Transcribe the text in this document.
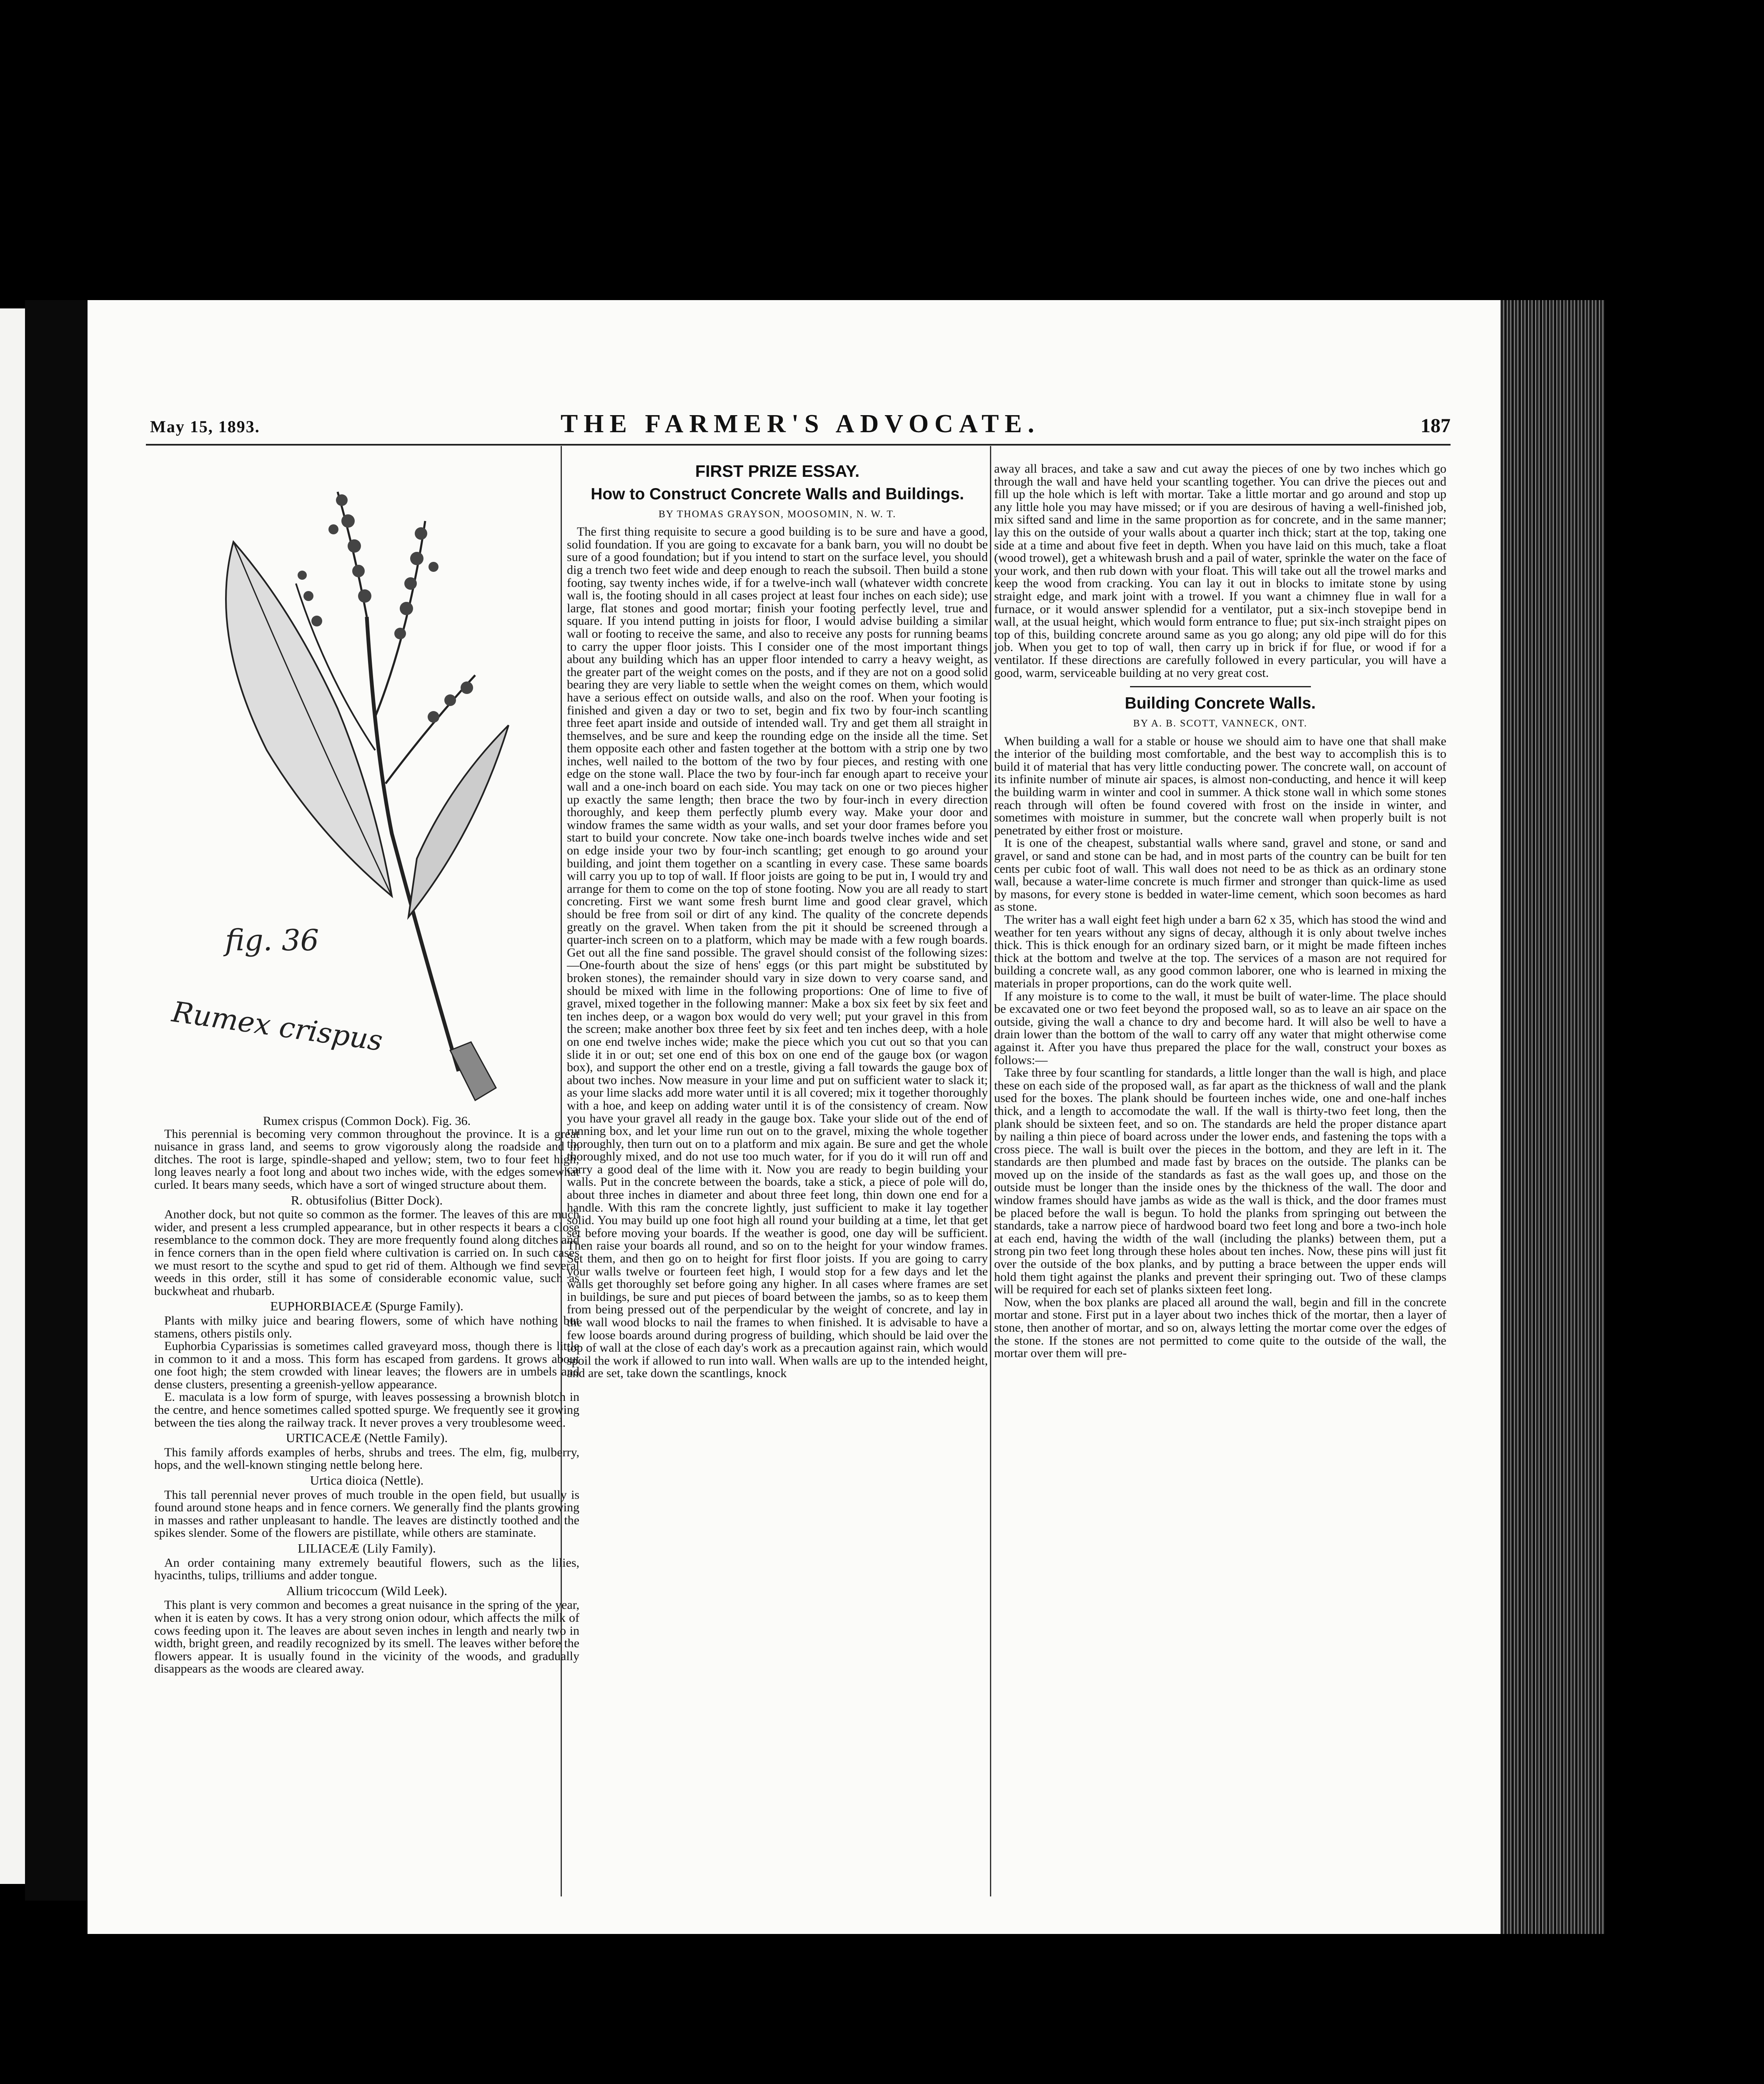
May 15, 1893.	THE FARMER'S ADVOCATE.	187
fig. 36
Rumex crispus

Rumex crispus (Common Dock). Fig. 36.

This perennial is becoming very common throughout the province. It is a great nuisance in grass land, and seems to grow vigorously along the roadside and in ditches. The root is large, spindle-shaped and yellow; stem, two to four feet high; long leaves nearly a foot long and about two inches wide, with the edges somewhat curled. It bears many seeds, which have a sort of winged structure about them.

R. obtusifolius (Bitter Dock).

Another dock, but not quite so common as the former. The leaves of this are much wider, and present a less crumpled appearance, but in other respects it bears a close resemblance to the common dock. They are more frequently found along ditches and in fence corners than in the open field where cultivation is carried on. In such cases we must resort to the scythe and spud to get rid of them. Although we find several weeds in this order, still it has some of considerable economic value, such as buckwheat and rhubarb.

EUPHORBIACEÆ (Spurge Family).

Plants with milky juice and bearing flowers, some of which have nothing but stamens, others pistils only.

Euphorbia Cyparissias is sometimes called graveyard moss, though there is little in common to it and a moss. This form has escaped from gardens. It grows about one foot high; the stem crowded with linear leaves; the flowers are in umbels and dense clusters, presenting a greenish-yellow appearance.

E. maculata is a low form of spurge, with leaves possessing a brownish blotch in the centre, and hence sometimes called spotted spurge. We frequently see it growing between the ties along the railway track. It never proves a very troublesome weed.

URTICACEÆ (Nettle Family).

This family affords examples of herbs, shrubs and trees. The elm, fig, mulberry, hops, and the well-known stinging nettle belong here.

Urtica dioica (Nettle).

This tall perennial never proves of much trouble in the open field, but usually is found around stone heaps and in fence corners. We generally find the plants growing in masses and rather unpleasant to handle. The leaves are distinctly toothed and the spikes slender. Some of the flowers are pistillate, while others are staminate.

LILIACEÆ (Lily Family).

An order containing many extremely beautiful flowers, such as the lilies, hyacinths, tulips, trilliums and adder tongue.

Allium tricoccum (Wild Leek).

This plant is very common and becomes a great nuisance in the spring of the year, when it is eaten by cows. It has a very strong onion odour, which affects the milk of cows feeding upon it. The leaves are about seven inches in length and nearly two in width, bright green, and readily recognized by its smell. The leaves wither before the flowers appear. It is usually found in the vicinity of the woods, and gradually disappears as the woods are cleared away.

FIRST PRIZE ESSAY.
How to Construct Concrete Walls and Buildings.
BY THOMAS GRAYSON, MOOSOMIN, N. W. T.

The first thing requisite to secure a good building is to be sure and have a good, solid foundation. If you are going to excavate for a bank barn, you will no doubt be sure of a good foundation; but if you intend to start on the surface level, you should dig a trench two feet wide and deep enough to reach the subsoil. Then build a stone footing, say twenty inches wide, if for a twelve-inch wall (whatever width concrete wall is, the footing should in all cases project at least four inches on each side); use large, flat stones and good mortar; finish your footing perfectly level, true and square. If you intend putting in joists for floor, I would advise building a similar wall or footing to receive the same, and also to receive any posts for running beams to carry the upper floor joists. This I consider one of the most important things about any building which has an upper floor intended to carry a heavy weight, as the greater part of the weight comes on the posts, and if they are not on a good solid bearing they are very liable to settle when the weight comes on them, which would have a serious effect on outside walls, and also on the roof. When your footing is finished and given a day or two to set, begin and fix two by four-inch scantling three feet apart inside and outside of intended wall. Try and get them all straight in themselves, and be sure and keep the rounding edge on the inside all the time. Set them opposite each other and fasten together at the bottom with a strip one by two inches, well nailed to the bottom of the two by four pieces, and resting with one edge on the stone wall. Place the two by four-inch far enough apart to receive your wall and a one-inch board on each side. You may tack on one or two pieces higher up exactly the same length; then brace the two by four-inch in every direction thoroughly, and keep them perfectly plumb every way. Make your door and window frames the same width as your walls, and set your door frames before you start to build your concrete. Now take one-inch boards twelve inches wide and set on edge inside your two by four-inch scantling; get enough to go around your building, and joint them together on a scantling in every case. These same boards will carry you up to top of wall. If floor joists are going to be put in, I would try and arrange for them to come on the top of stone footing. Now you are all ready to start concreting. First we want some fresh burnt lime and good clear gravel, which should be free from soil or dirt of any kind. The quality of the concrete depends greatly on the gravel. When taken from the pit it should be screened through a quarter-inch screen on to a platform, which may be made with a few rough boards. Get out all the fine sand possible. The gravel should consist of the following sizes:—One-fourth about the size of hens' eggs (or this part might be substituted by broken stones), the remainder should vary in size down to very coarse sand, and should be mixed with lime in the following proportions: One of lime to five of gravel, mixed together in the following manner: Make a box six feet by six feet and ten inches deep, or a wagon box would do very well; put your gravel in this from the screen; make another box three feet by six feet and ten inches deep, with a hole on one end twelve inches wide; make the piece which you cut out so that you can slide it in or out; set one end of this box on one end of the gauge box (or wagon box), and support the other end on a trestle, giving a fall towards the gauge box of about two inches. Now measure in your lime and put on sufficient water to slack it; as your lime slacks add more water until it is all covered; mix it together thoroughly with a hoe, and keep on adding water until it is of the consistency of cream. Now you have your gravel all ready in the gauge box. Take your slide out of the end of running box, and let your lime run out on to the gravel, mixing the whole together thoroughly, then turn out on to a platform and mix again. Be sure and get the whole thoroughly mixed, and do not use too much water, for if you do it will run off and carry a good deal of the lime with it. Now you are ready to begin building your walls. Put in the concrete between the boards, take a stick, a piece of pole will do, about three inches in diameter and about three feet long, thin down one end for a handle. With this ram the concrete lightly, just sufficient to make it lay together solid. You may build up one foot high all round your building at a time, let that get set before moving your boards. If the weather is good, one day will be sufficient. Then raise your boards all round, and so on to the height for your window frames. Set them, and then go on to height for first floor joists. If you are going to carry your walls twelve or fourteen feet high, I would stop for a few days and let the walls get thoroughly set before going any higher. In all cases where frames are set in buildings, be sure and put pieces of board between the jambs, so as to keep them from being pressed out of the perpendicular by the weight of concrete, and lay in the wall wood blocks to nail the frames to when finished. It is advisable to have a few loose boards around during progress of building, which should be laid over the top of wall at the close of each day's work as a precaution against rain, which would spoil the work if allowed to run into wall. When walls are up to the intended height, and are set, take down the scantlings, knock

away all braces, and take a saw and cut away the pieces of one by two inches which go through the wall and have held your scantling together. You can drive the pieces out and fill up the hole which is left with mortar. Take a little mortar and go around and stop up any little hole you may have missed; or if you are desirous of having a well-finished job, mix sifted sand and lime in the same proportion as for concrete, and in the same manner; lay this on the outside of your walls about a quarter inch thick; start at the top, taking one side at a time and about five feet in depth. When you have laid on this much, take a float (wood trowel), get a whitewash brush and a pail of water, sprinkle the water on the face of your work, and then rub down with your float. This will take out all the trowel marks and keep the wood from cracking. You can lay it out in blocks to imitate stone by using straight edge, and mark joint with a trowel. If you want a chimney flue in wall for a furnace, or it would answer splendid for a ventilator, put a six-inch stovepipe bend in wall, at the usual height, which would form entrance to flue; put six-inch straight pipes on top of this, building concrete around same as you go along; any old pipe will do for this job. When you get to top of wall, then carry up in brick if for flue, or wood if for a ventilator. If these directions are carefully followed in every particular, you will have a good, warm, serviceable building at no very great cost.

Building Concrete Walls.
BY A. B. SCOTT, VANNECK, ONT.

When building a wall for a stable or house we should aim to have one that shall make the interior of the building most comfortable, and the best way to accomplish this is to build it of material that has very little conducting power. The concrete wall, on account of its infinite number of minute air spaces, is almost non-conducting, and hence it will keep the building warm in winter and cool in summer. A thick stone wall in which some stones reach through will often be found covered with frost on the inside in winter, and sometimes with moisture in summer, but the concrete wall when properly built is not penetrated by either frost or moisture.

It is one of the cheapest, substantial walls where sand, gravel and stone, or sand and gravel, or sand and stone can be had, and in most parts of the country can be built for ten cents per cubic foot of wall. This wall does not need to be as thick as an ordinary stone wall, because a water-lime concrete is much firmer and stronger than quick-lime as used by masons, for every stone is bedded in water-lime cement, which soon becomes as hard as stone.

The writer has a wall eight feet high under a barn 62 x 35, which has stood the wind and weather for ten years without any signs of decay, although it is only about twelve inches thick. This is thick enough for an ordinary sized barn, or it might be made fifteen inches thick at the bottom and twelve at the top. The services of a mason are not required for building a concrete wall, as any good common laborer, one who is learned in mixing the materials in proper proportions, can do the work quite well.

If any moisture is to come to the wall, it must be built of water-lime. The place should be excavated one or two feet beyond the proposed wall, so as to leave an air space on the outside, giving the wall a chance to dry and become hard. It will also be well to have a drain lower than the bottom of the wall to carry off any water that might otherwise come against it. After you have thus prepared the place for the wall, construct your boxes as follows:—

Take three by four scantling for standards, a little longer than the wall is high, and place these on each side of the proposed wall, as far apart as the thickness of wall and the plank used for the boxes. The plank should be fourteen inches wide, one and one-half inches thick, and a length to accomodate the wall. If the wall is thirty-two feet long, then the plank should be sixteen feet, and so on. The standards are held the proper distance apart by nailing a thin piece of board across under the lower ends, and fastening the tops with a cross piece. The wall is built over the pieces in the bottom, and they are left in it. The standards are then plumbed and made fast by braces on the outside. The planks can be moved up on the inside of the standards as fast as the wall goes up, and those on the outside must be longer than the inside ones by the thickness of the wall. The door and window frames should have jambs as wide as the wall is thick, and the door frames must be placed before the wall is begun. To hold the planks from springing out between the standards, take a narrow piece of hardwood board two feet long and bore a two-inch hole at each end, having the width of the wall (including the planks) between them, put a strong pin two feet long through these holes about ten inches. Now, these pins will just fit over the outside of the box planks, and by putting a brace between the upper ends will hold them tight against the planks and prevent their springing out. Two of these clamps will be required for each set of planks sixteen feet long.

Now, when the box planks are placed all around the wall, begin and fill in the concrete mortar and stone. First put in a layer about two inches thick of the mortar, then a layer of stone, then another of mortar, and so on, always letting the mortar come over the edges of the stone. If the stones are not permitted to come quite to the outside of the wall, the mortar over them will pre-
